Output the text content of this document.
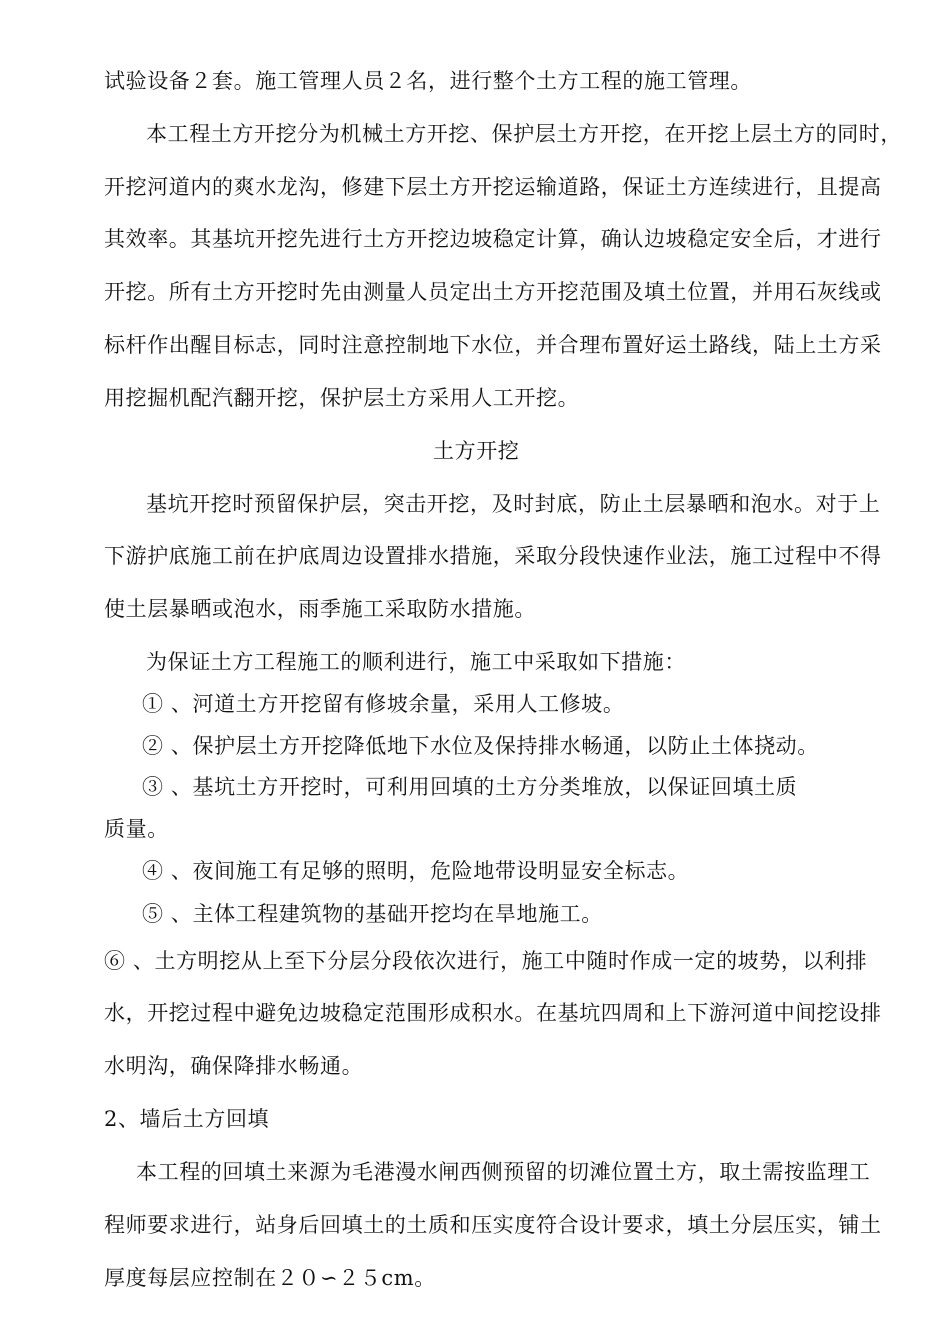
试验设备２套。施工管理人员２名，进行整个土方工程的施工管理。
本工程土方开挖分为机械土方开挖、保护层土方开挖，在开挖上层土方的同时，
开挖河道内的爽水龙沟，修建下层土方开挖运输道路，保证土方连续进行，且提高
其效率。其基坑开挖先进行土方开挖边坡稳定计算，确认边坡稳定安全后，才进行
开挖。所有土方开挖时先由测量人员定出土方开挖范围及填土位置，并用石灰线或
标杆作出醒目标志，同时注意控制地下水位，并合理布置好运土路线，陆上土方采
用挖掘机配汽翻开挖，保护层土方采用人工开挖。
土方开挖
基坑开挖时预留保护层，突击开挖，及时封底，防止土层暴晒和泡水。对于上
下游护底施工前在护底周边设置排水措施，采取分段快速作业法，施工过程中不得
使土层暴晒或泡水，雨季施工采取防水措施。
为保证土方工程施工的顺利进行，施工中采取如下措施：
① 、河道土方开挖留有修坡余量，采用人工修坡。
② 、保护层土方开挖降低地下水位及保持排水畅通，以防止土体挠动。
③ 、基坑土方开挖时，可利用回填的土方分类堆放，以保证回填土质
质量。
④ 、夜间施工有足够的照明，危险地带设明显安全标志。
⑤ 、主体工程建筑物的基础开挖均在旱地施工。
⑥ 、土方明挖从上至下分层分段依次进行，施工中随时作成一定的坡势，以利排
水，开挖过程中避免边坡稳定范围形成积水。在基坑四周和上下游河道中间挖设排
水明沟，确保降排水畅通。
2、墙后土方回填
本工程的回填土来源为毛港漫水闸西侧预留的切滩位置土方，取土需按监理工
程师要求进行，站身后回填土的土质和压实度符合设计要求，填土分层压实，铺土
厚度每层应控制在２０∽２５cm。
